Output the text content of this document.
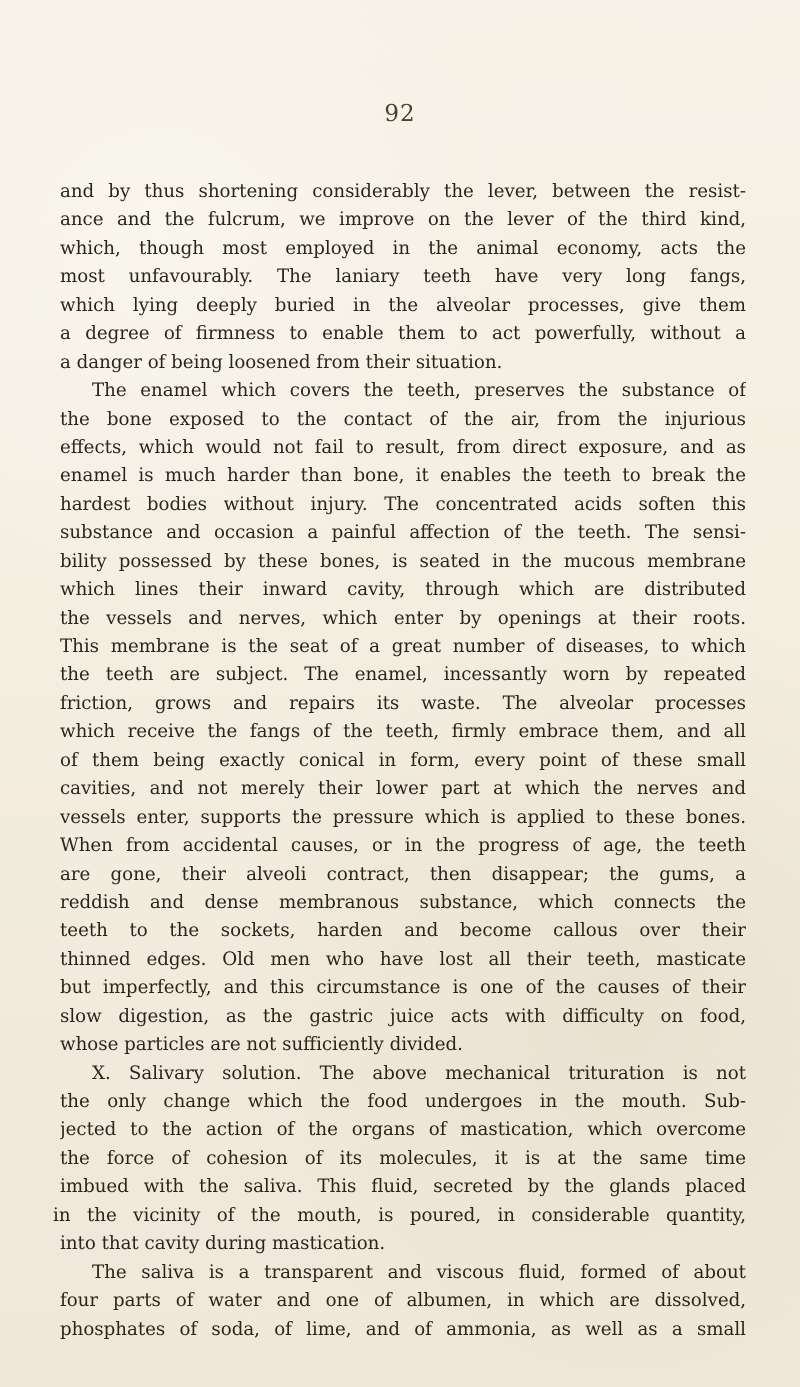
92
and by thus shortening considerably the lever, between the resist-
ance and the fulcrum, we improve on the lever of the third kind,
which, though most employed in the animal economy, acts the
most unfavourably. The laniary teeth have very long fangs,
which lying deeply buried in the alveolar processes, give them
a degree of firmness to enable them to act powerfully, without a
a danger of being loosened from their situation.
The enamel which covers the teeth, preserves the substance of
the bone exposed to the contact of the air, from the injurious
effects, which would not fail to result, from direct exposure, and as
enamel is much harder than bone, it enables the teeth to break the
hardest bodies without injury. The concentrated acids soften this
substance and occasion a painful affection of the teeth. The sensi-
bility possessed by these bones, is seated in the mucous membrane
which lines their inward cavity, through which are distributed
the vessels and nerves, which enter by openings at their roots.
This membrane is the seat of a great number of diseases, to which
the teeth are subject. The enamel, incessantly worn by repeated
friction, grows and repairs its waste. The alveolar processes
which receive the fangs of the teeth, firmly embrace them, and all
of them being exactly conical in form, every point of these small
cavities, and not merely their lower part at which the nerves and
vessels enter, supports the pressure which is applied to these bones.
When from accidental causes, or in the progress of age, the teeth
are gone, their alveoli contract, then disappear; the gums, a
reddish and dense membranous substance, which connects the
teeth to the sockets, harden and become callous over their
thinned edges. Old men who have lost all their teeth, masticate
but imperfectly, and this circumstance is one of the causes of their
slow digestion, as the gastric juice acts with difficulty on food,
whose particles are not sufficiently divided.
X. Salivary solution. The above mechanical trituration is not
the only change which the food undergoes in the mouth. Sub-
jected to the action of the organs of mastication, which overcome
the force of cohesion of its molecules, it is at the same time
imbued with the saliva. This fluid, secreted by the glands placed
in the vicinity of the mouth, is poured, in considerable quantity,
into that cavity during mastication.
The saliva is a transparent and viscous fluid, formed of about
four parts of water and one of albumen, in which are dissolved,
phosphates of soda, of lime, and of ammonia, as well as a small
